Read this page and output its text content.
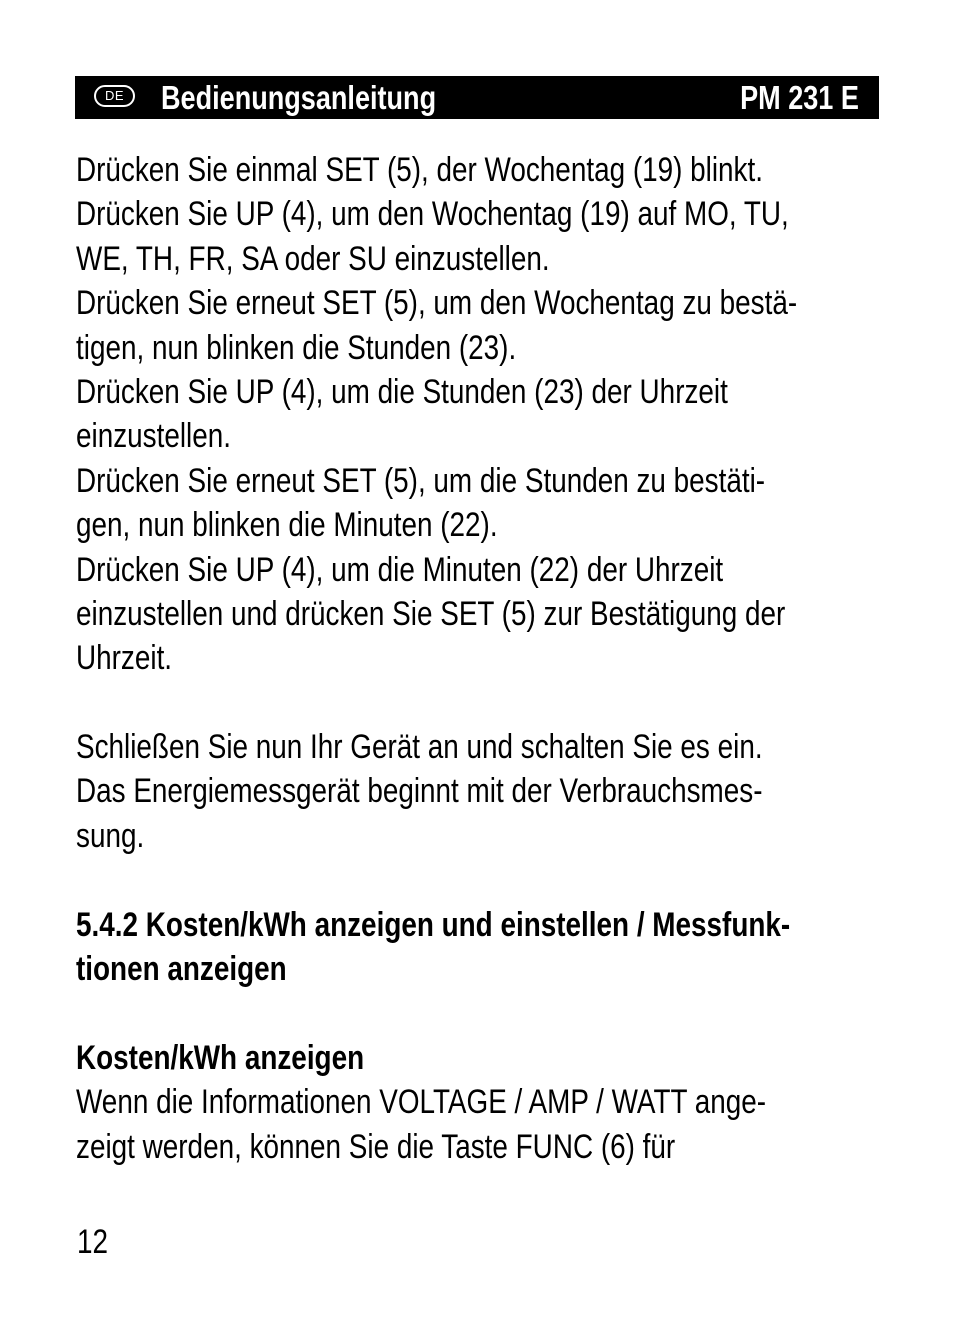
DE	Bedienungsanleitung	PM 231 E
Drücken Sie einmal SET (5), der Wochentag (19) blinkt.
Drücken Sie UP (4), um den Wochentag (19) auf MO, TU,
WE, TH, FR, SA oder SU einzustellen.
Drücken Sie erneut SET (5), um den Wochentag zu bestä-
tigen, nun blinken die Stunden (23).
Drücken Sie UP (4), um die Stunden (23) der Uhrzeit
einzustellen.
Drücken Sie erneut SET (5), um die Stunden zu bestäti-
gen, nun blinken die Minuten (22).
Drücken Sie UP (4), um die Minuten (22) der Uhrzeit
einzustellen und drücken Sie SET (5) zur Bestätigung der
Uhrzeit.
Schließen Sie nun Ihr Gerät an und schalten Sie es ein.
Das Energiemessgerät beginnt mit der Verbrauchsmes-
sung.
5.4.2 Kosten/kWh anzeigen und einstellen / Messfunk-
tionen anzeigen
Kosten/kWh anzeigen
Wenn die Informationen VOLTAGE / AMP / WATT ange-
zeigt werden, können Sie die Taste FUNC (6) für
12
